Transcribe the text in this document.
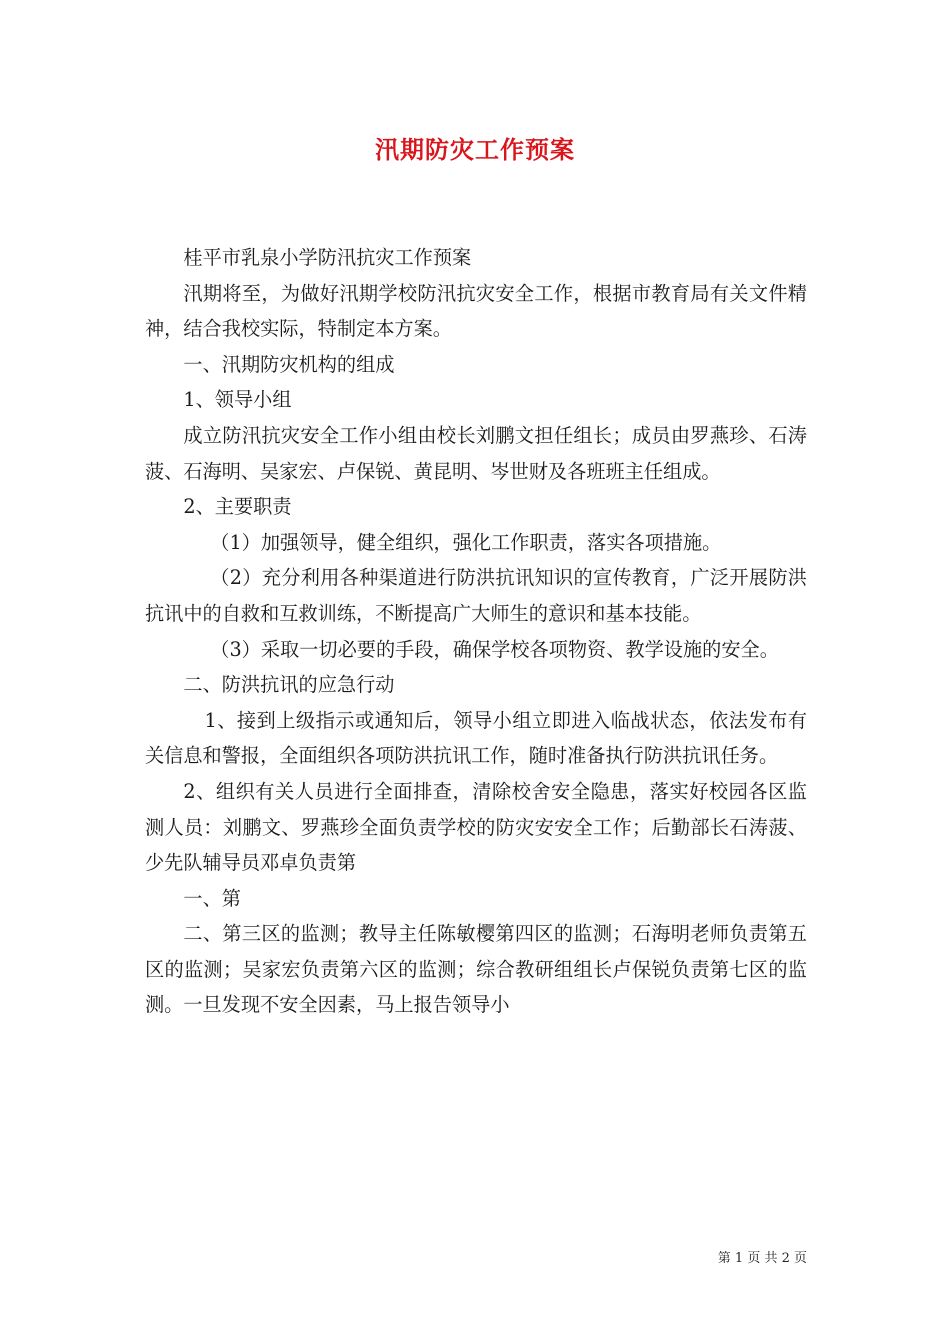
汛期防灾工作预案

桂平市乳泉小学防汛抗灾工作预案

汛期将至，为做好汛期学校防汛抗灾安全工作，根据市教育局有关文件精神，结合我校实际，特制定本方案。

一、汛期防灾机构的组成

1、领导小组

成立防汛抗灾安全工作小组由校长刘鹏文担任组长；成员由罗燕珍、石涛菠、石海明、吴家宏、卢保锐、黄昆明、岑世财及各班班主任组成。

2、主要职责

（1）加强领导，健全组织，强化工作职责，落实各项措施。

（2）充分利用各种渠道进行防洪抗讯知识的宣传教育，广泛开展防洪抗讯中的自救和互救训练，不断提高广大师生的意识和基本技能。

（3）采取一切必要的手段，确保学校各项物资、教学设施的安全。

二、防洪抗讯的应急行动

1、接到上级指示或通知后，领导小组立即进入临战状态，依法发布有关信息和警报，全面组织各项防洪抗讯工作，随时准备执行防洪抗讯任务。

2、组织有关人员进行全面排查，清除校舍安全隐患，落实好校园各区监测人员：刘鹏文、罗燕珍全面负责学校的防灾安安全工作；后勤部长石涛菠、少先队辅导员邓卓负责第

一、第

二、第三区的监测；教导主任陈敏樱第四区的监测；石海明老师负责第五区的监测；吴家宏负责第六区的监测；综合教研组组长卢保锐负责第七区的监测。一旦发现不安全因素，马上报告领导小

第 1 页 共 2 页
